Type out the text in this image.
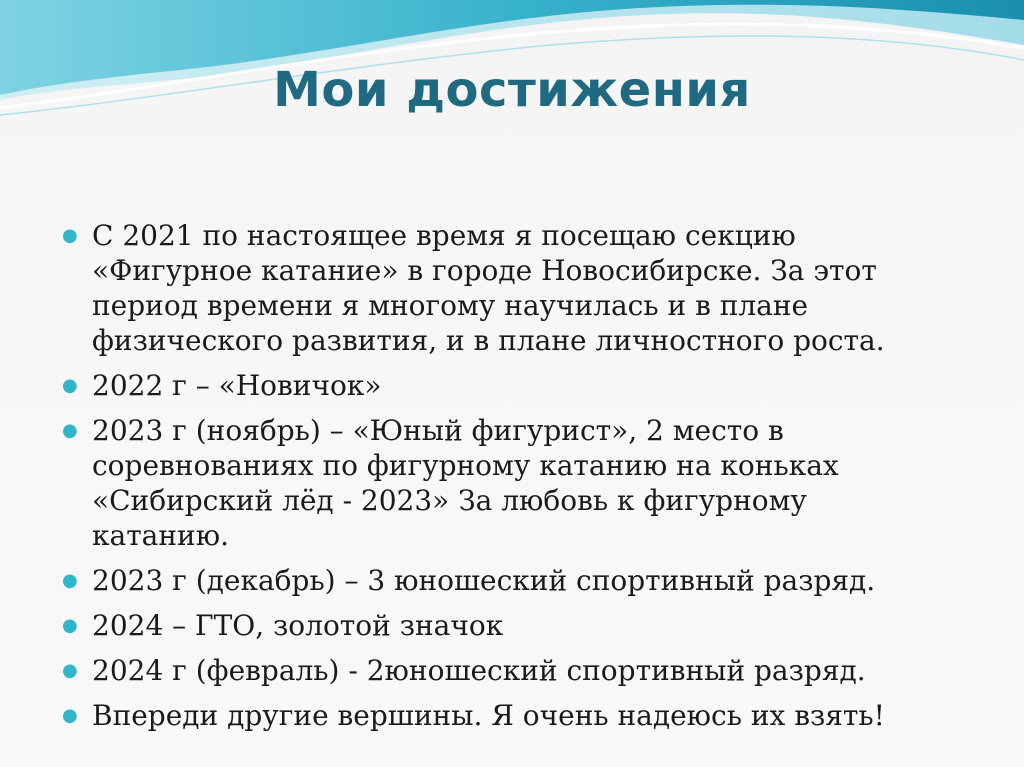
Мои достижения
● С 2021 по настоящее время я посещаю секцию «Фигурное катание» в городе Новосибирске. За этот период времени я многому научилась и в плане физического развития, и в плане личностного роста.
● 2022 г – «Новичок»
● 2023 г (ноябрь) – «Юный фигурист», 2 место в соревнованиях по фигурному катанию на коньках «Сибирский лёд - 2023» За любовь к фигурному катанию.
● 2023 г (декабрь) – 3 юношеский спортивный разряд.
● 2024 – ГТО, золотой значок
● 2024 г (февраль) - 2юношеский спортивный разряд.
● Впереди другие вершины. Я очень надеюсь их взять!
